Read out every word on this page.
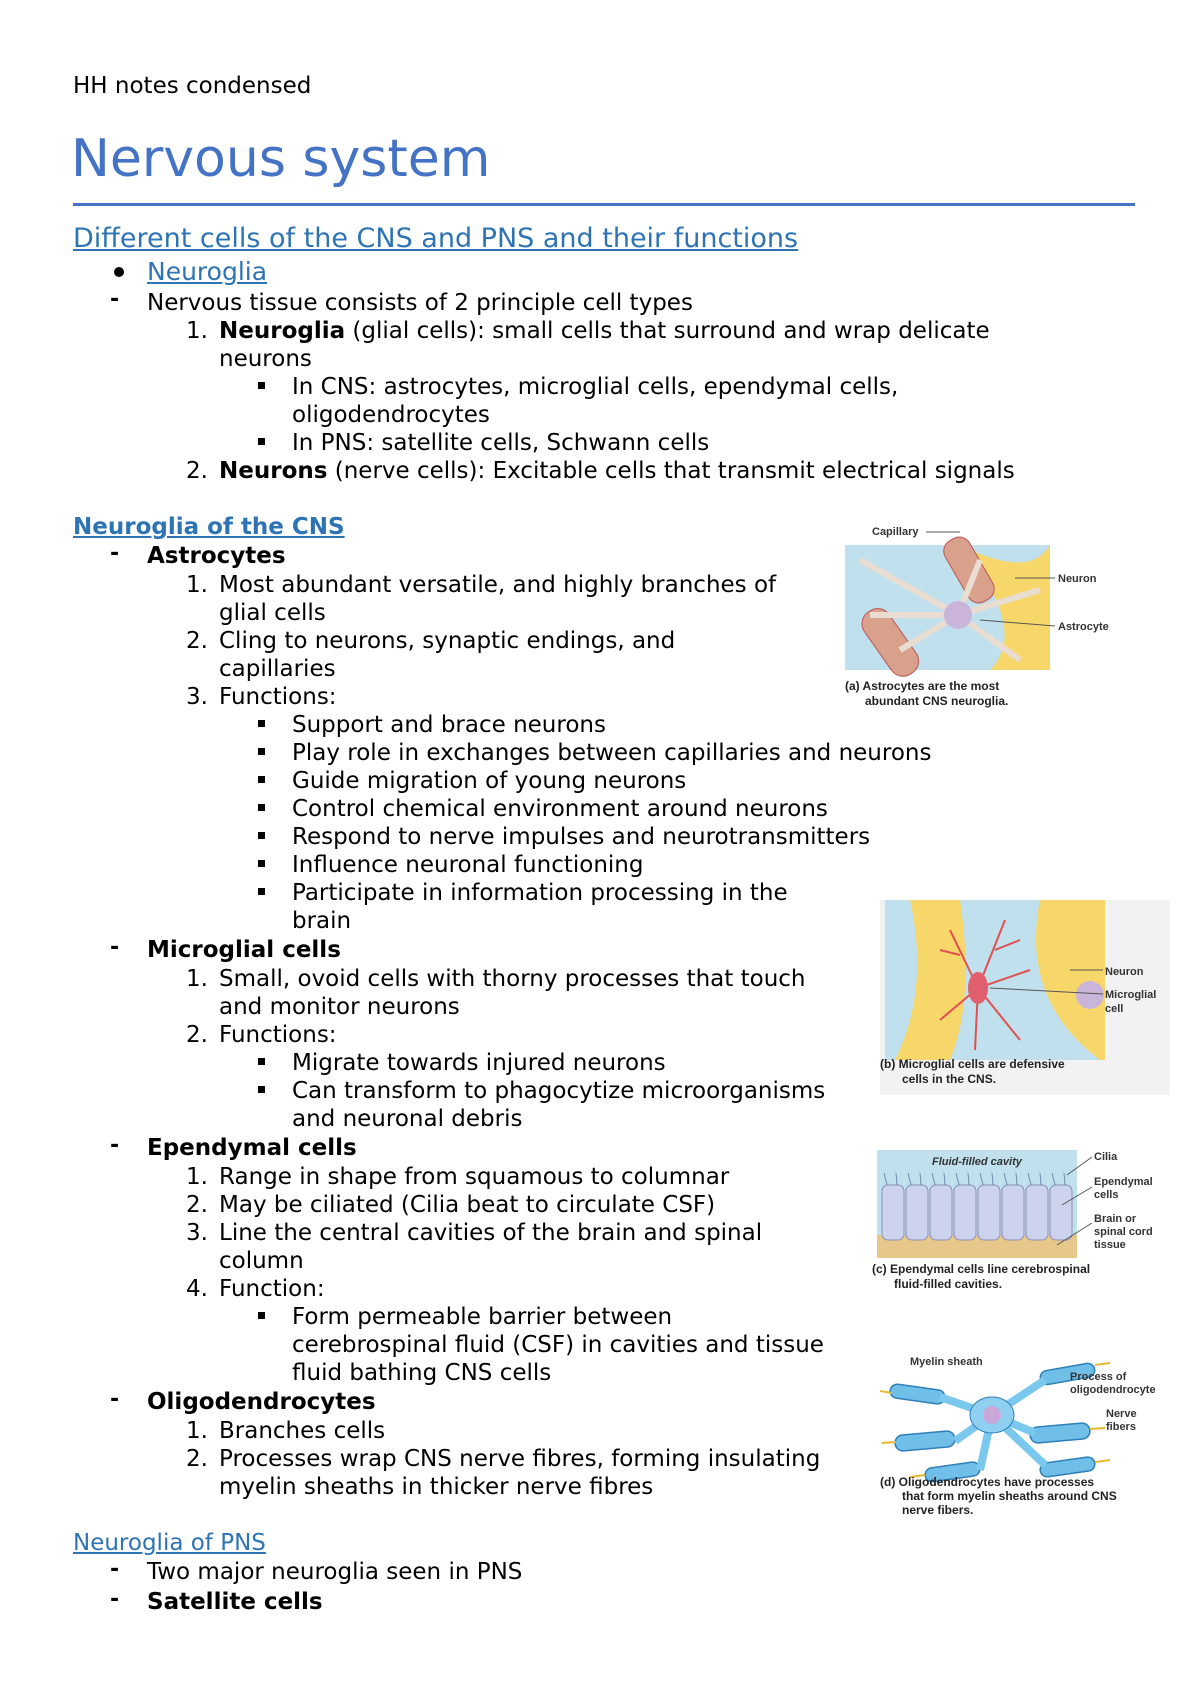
HH notes condensed
Nervous system
Different cells of the CNS and PNS and their functions
Neuroglia
- Nervous tissue consists of 2 principle cell types
1. Neuroglia (glial cells): small cells that surround and wrap delicate
neurons
In CNS: astrocytes, microglial cells, ependymal cells,
oligodendrocytes
In PNS: satellite cells, Schwann cells
2. Neurons (nerve cells): Excitable cells that transmit electrical signals
Neuroglia of the CNS
- Astrocytes
1. Most abundant versatile, and highly branches of
glial cells
2. Cling to neurons, synaptic endings, and
capillaries
3. Functions:
Support and brace neurons
Play role in exchanges between capillaries and neurons
Guide migration of young neurons
Control chemical environment around neurons
Respond to nerve impulses and neurotransmitters
Influence neuronal functioning
Participate in information processing in the
brain
- Microglial cells
1. Small, ovoid cells with thorny processes that touch
and monitor neurons
2. Functions:
Migrate towards injured neurons
Can transform to phagocytize microorganisms
and neuronal debris
- Ependymal cells
1. Range in shape from squamous to columnar
2. May be ciliated (Cilia beat to circulate CSF)
3. Line the central cavities of the brain and spinal
column
4. Function:
Form permeable barrier between
cerebrospinal fluid (CSF) in cavities and tissue
fluid bathing CNS cells
- Oligodendrocytes
1. Branches cells
2. Processes wrap CNS nerve fibres, forming insulating
myelin sheaths in thicker nerve fibres
Neuroglia of PNS
- Two major neuroglia seen in PNS
- Satellite cells
Capillary
Neuron
Astrocyte
(a) Astrocytes are the most
abundant CNS neuroglia.
Neuron
Microglial
cell
(b) Microglial cells are defensive
cells in the CNS.
Fluid-filled cavity	Cilia
Ependymal
cells
Brain or
spinal cord
tissue
(c) Ependymal cells line cerebrospinal
fluid-filled cavities.
Myelin sheath
Process of
oligodendrocyte
Nerve
fibers
(d) Oligodendrocytes have processes
that form myelin sheaths around CNS
nerve fibers.
